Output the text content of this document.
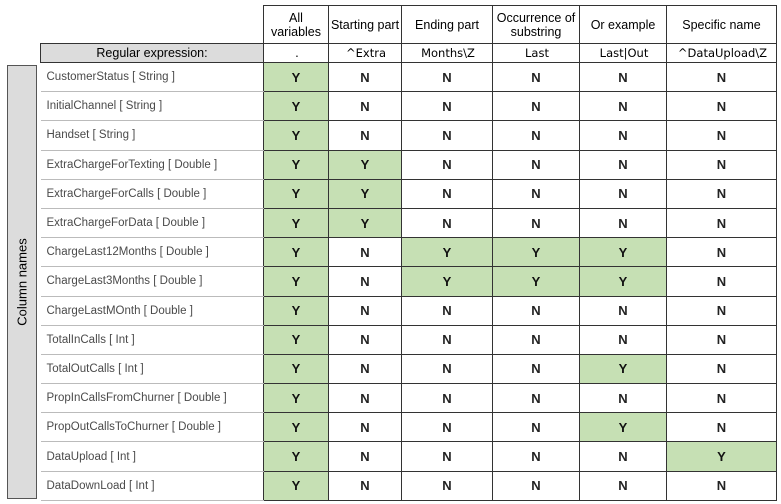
Column names
	All variables	Starting part	Ending part	Occurrence of substring	Or example	Specific name
Regular expression:	.	^Extra	Months\Z	Last	Last|Out	^DataUpload\Z
CustomerStatus [ String ]	Y	N	N	N	N	N
InitialChannel [ String ]	Y	N	N	N	N	N
Handset [ String ]	Y	N	N	N	N	N
ExtraChargeForTexting [ Double ]	Y	Y	N	N	N	N
ExtraChargeForCalls [ Double ]	Y	Y	N	N	N	N
ExtraChargeForData [ Double ]	Y	Y	N	N	N	N
ChargeLast12Months [ Double ]	Y	N	Y	Y	Y	N
ChargeLast3Months [ Double ]	Y	N	Y	Y	Y	N
ChargeLastMOnth [ Double ]	Y	N	N	N	N	N
TotalInCalls [ Int ]	Y	N	N	N	N	N
TotalOutCalls [ Int ]	Y	N	N	N	Y	N
PropInCallsFromChurner [ Double ]	Y	N	N	N	N	N
PropOutCallsToChurner [ Double ]	Y	N	N	N	Y	N
DataUpload [ Int ]	Y	N	N	N	N	Y
DataDownLoad [ Int ]	Y	N	N	N	N	N
